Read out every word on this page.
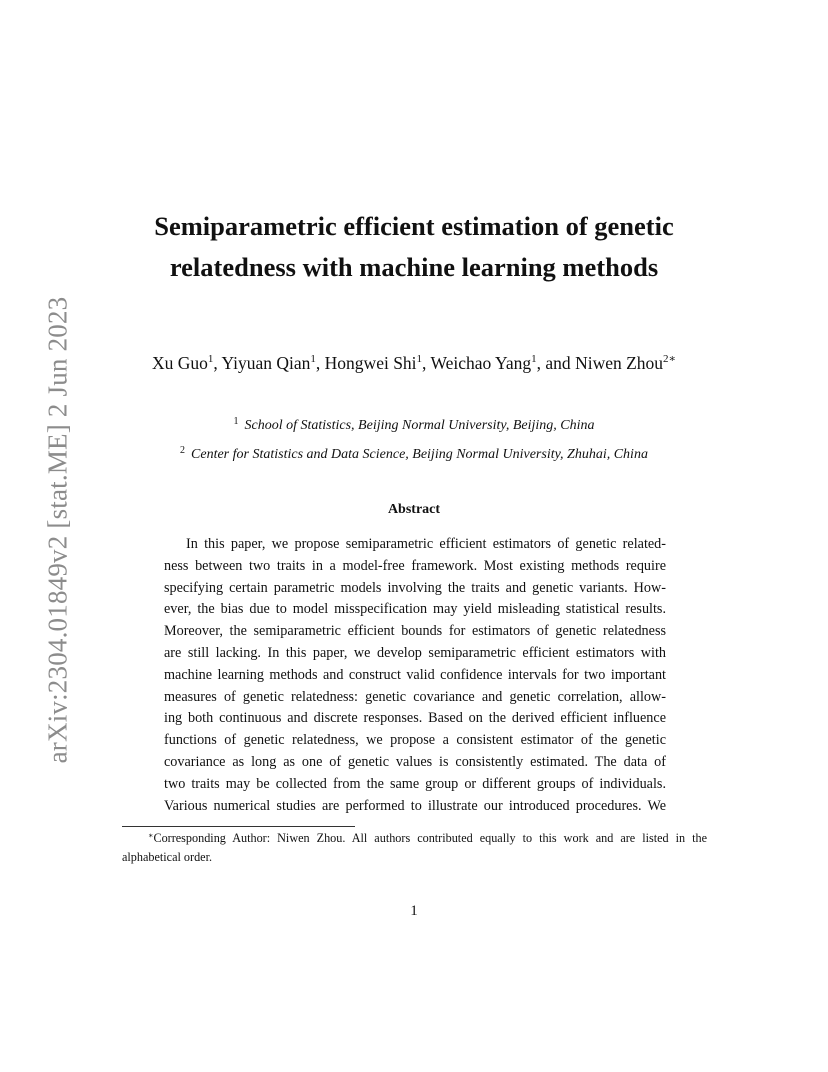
arXiv:2304.01849v2 [stat.ME] 2 Jun 2023
Semiparametric efficient estimation of genetic
relatedness with machine learning methods
Xu Guo$^1$, Yiyuan Qian$^1$, Hongwei Shi$^1$, Weichao Yang$^1$, and Niwen Zhou$^{2∗}$
$^1$ School of Statistics, Beijing Normal University, Beijing, China
$^2$ Center for Statistics and Data Science, Beijing Normal University, Zhuhai, China
Abstract
In this paper, we propose semiparametric efficient estimators of genetic related-
ness between two traits in a model-free framework. Most existing methods require
specifying certain parametric models involving the traits and genetic variants. How-
ever, the bias due to model misspecification may yield misleading statistical results.
Moreover, the semiparametric efficient bounds for estimators of genetic relatedness
are still lacking. In this paper, we develop semiparametric efficient estimators with
machine learning methods and construct valid confidence intervals for two important
measures of genetic relatedness: genetic covariance and genetic correlation, allow-
ing both continuous and discrete responses. Based on the derived efficient influence
functions of genetic relatedness, we propose a consistent estimator of the genetic
covariance as long as one of genetic values is consistently estimated. The data of
two traits may be collected from the same group or different groups of individuals.
Various numerical studies are performed to illustrate our introduced procedures. We
∗Corresponding Author: Niwen Zhou. All authors contributed equally to this work and are listed in the
alphabetical order.
1
